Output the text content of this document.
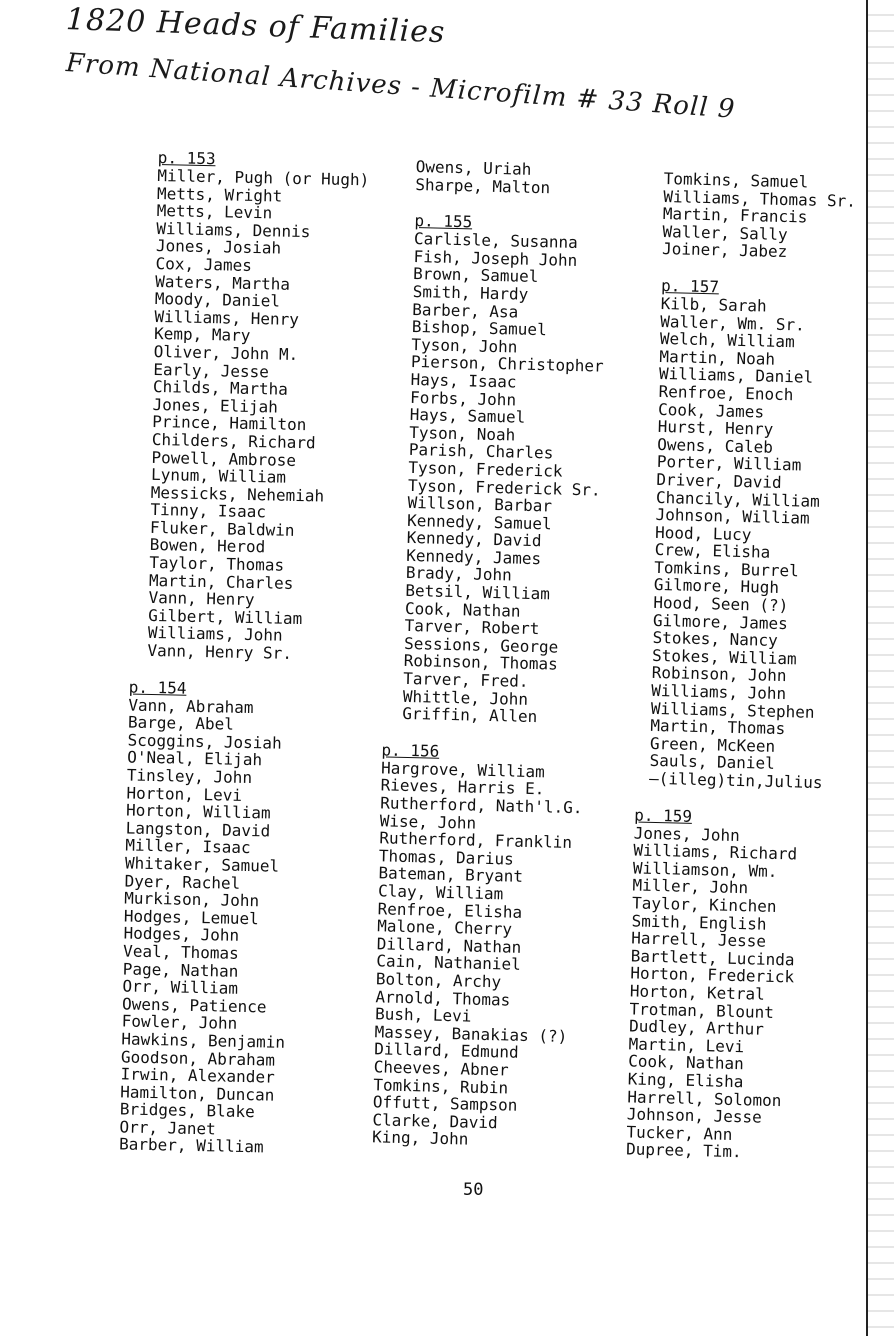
1820 Heads of Families
From National Archives - Microfilm # 33 Roll 9
p. 153
Miller, Pugh (or Hugh)
Metts, Wright
Metts, Levin
Williams, Dennis
Jones, Josiah
Cox, James
Waters, Martha
Moody, Daniel
Williams, Henry
Kemp, Mary
Oliver, John M.
Early, Jesse
Childs, Martha
Jones, Elijah
Prince, Hamilton
Childers, Richard
Powell, Ambrose
Lynum, William
Messicks, Nehemiah
Tinny, Isaac
Fluker, Baldwin
Bowen, Herod
Taylor, Thomas
Martin, Charles
Vann, Henry
Gilbert, William
Williams, John
Vann, Henry Sr.
p. 154
Vann, Abraham
Barge, Abel
Scoggins, Josiah
O'Neal, Elijah
Tinsley, John
Horton, Levi
Horton, William
Langston, David
Miller, Isaac
Whitaker, Samuel
Dyer, Rachel
Murkison, John
Hodges, Lemuel
Hodges, John
Veal, Thomas
Page, Nathan
Orr, William
Owens, Patience
Fowler, John
Hawkins, Benjamin
Goodson, Abraham
Irwin, Alexander
Hamilton, Duncan
Bridges, Blake
Orr, Janet
Barber, William
Owens, Uriah
Sharpe, Malton
p. 155
Carlisle, Susanna
Fish, Joseph John
Brown, Samuel
Smith, Hardy
Barber, Asa
Bishop, Samuel
Tyson, John
Pierson, Christopher
Hays, Isaac
Forbs, John
Hays, Samuel
Tyson, Noah
Parish, Charles
Tyson, Frederick
Tyson, Frederick Sr.
Willson, Barbar
Kennedy, Samuel
Kennedy, David
Kennedy, James
Brady, John
Betsil, William
Cook, Nathan
Tarver, Robert
Sessions, George
Robinson, Thomas
Tarver, Fred.
Whittle, John
Griffin, Allen
p. 156
Hargrove, William
Rieves, Harris E.
Rutherford, Nath'l.G.
Wise, John
Rutherford, Franklin
Thomas, Darius
Bateman, Bryant
Clay, William
Renfroe, Elisha
Malone, Cherry
Dillard, Nathan
Cain, Nathaniel
Bolton, Archy
Arnold, Thomas
Bush, Levi
Massey, Banakias (?)
Dillard, Edmund
Cheeves, Abner
Tomkins, Rubin
Offutt, Sampson
Clarke, David
King, John
Tomkins, Samuel
Williams, Thomas Sr.
Martin, Francis
Waller, Sally
Joiner, Jabez
p. 157
Kilb, Sarah
Waller, Wm. Sr.
Welch, William
Martin, Noah
Williams, Daniel
Renfroe, Enoch
Cook, James
Hurst, Henry
Owens, Caleb
Porter, William
Driver, David
Chancily, William
Johnson, William
Hood, Lucy
Crew, Elisha
Tomkins, Burrel
Gilmore, Hugh
Hood, Seen (?)
Gilmore, James
Stokes, Nancy
Stokes, William
Robinson, John
Williams, John
Williams, Stephen
Martin, Thomas
Green, McKeen
Sauls, Daniel
—(illeg)tin,Julius
p. 159
Jones, John
Williams, Richard
Williamson, Wm.
Miller, John
Taylor, Kinchen
Smith, English
Harrell, Jesse
Bartlett, Lucinda
Horton, Frederick
Horton, Ketral
Trotman, Blount
Dudley, Arthur
Martin, Levi
Cook, Nathan
King, Elisha
Harrell, Solomon
Johnson, Jesse
Tucker, Ann
Dupree, Tim.
50
